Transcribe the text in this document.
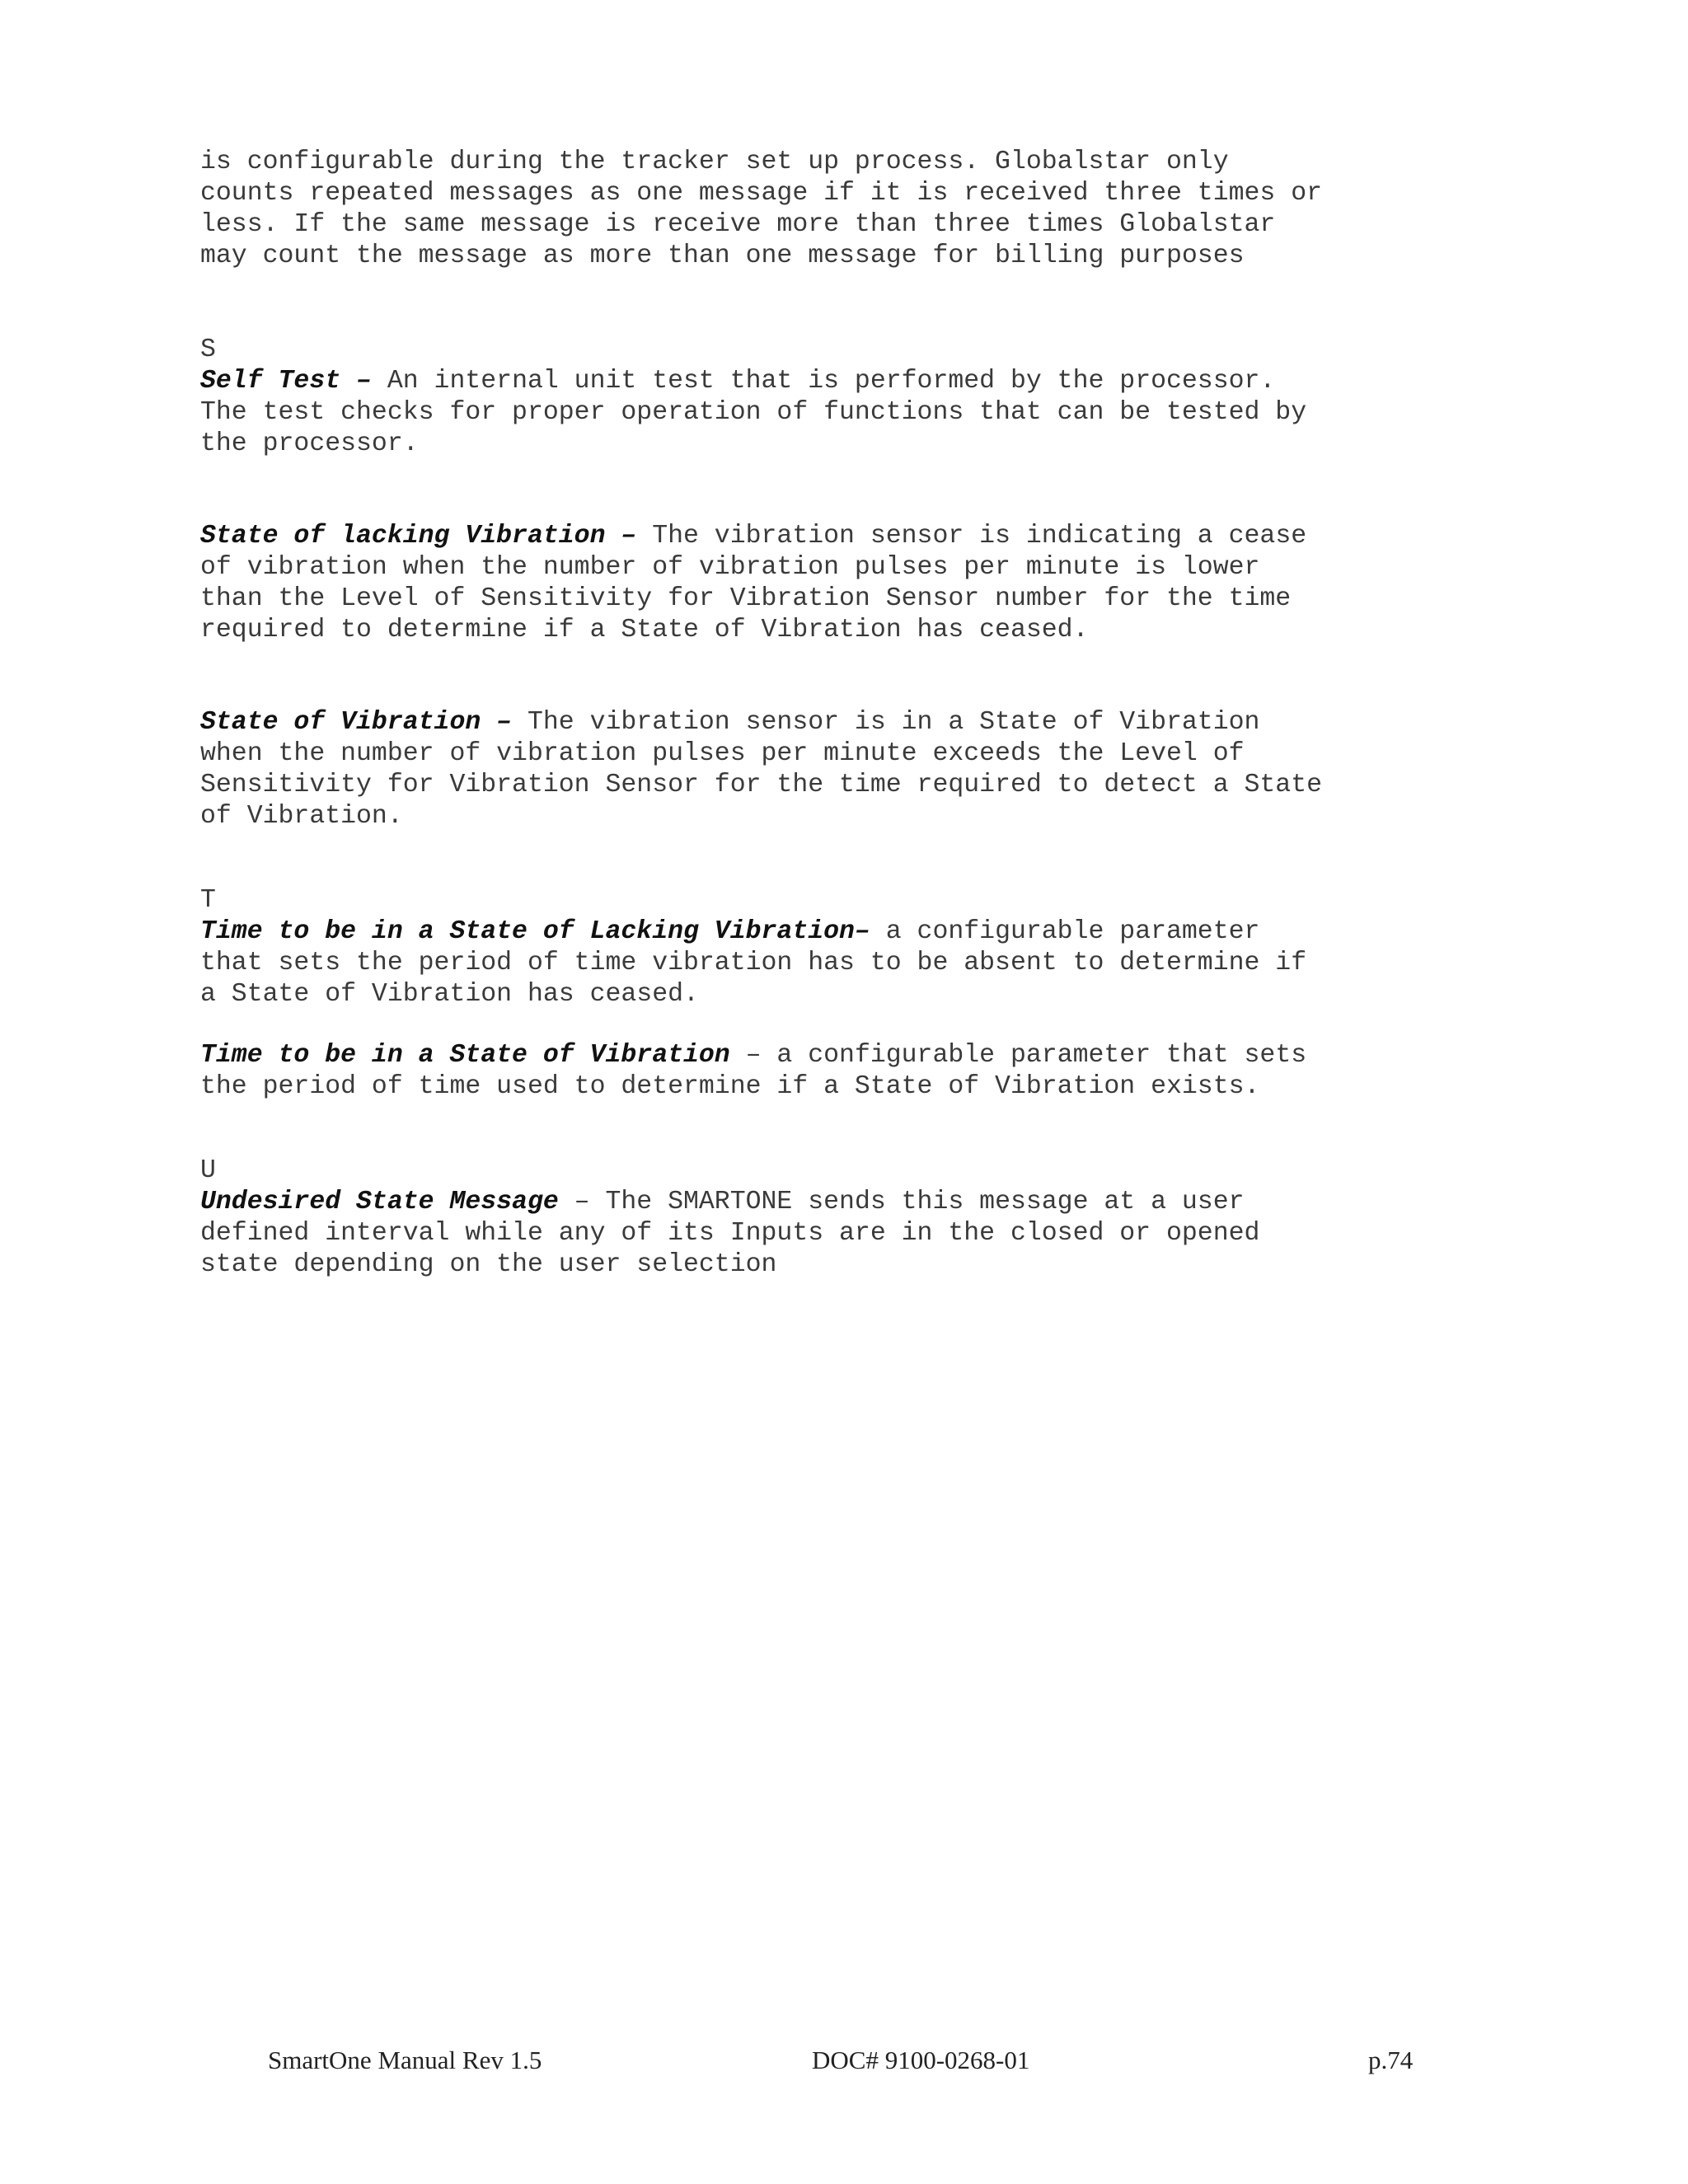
is configurable during the tracker set up process. Globalstar only
counts repeated messages as one message if it is received three times or
less. If the same message is receive more than three times Globalstar
may count the message as more than one message for billing purposes

S

Self Test – An internal unit test that is performed by the processor.
The test checks for proper operation of functions that can be tested by
the processor.

State of lacking Vibration – The vibration sensor is indicating a cease
of vibration when the number of vibration pulses per minute is lower
than the Level of Sensitivity for Vibration Sensor number for the time
required to determine if a State of Vibration has ceased.

State of Vibration – The vibration sensor is in a State of Vibration
when the number of vibration pulses per minute exceeds the Level of
Sensitivity for Vibration Sensor for the time required to detect a State
of Vibration.

T

Time to be in a State of Lacking Vibration– a configurable parameter
that sets the period of time vibration has to be absent to determine if
a State of Vibration has ceased.

Time to be in a State of Vibration – a configurable parameter that sets
the period of time used to determine if a State of Vibration exists.

U

Undesired State Message – The SMARTONE sends this message at a user
defined interval while any of its Inputs are in the closed or opened
state depending on the user selection

SmartOne Manual Rev 1.5	DOC# 9100-0268-01	p.74
